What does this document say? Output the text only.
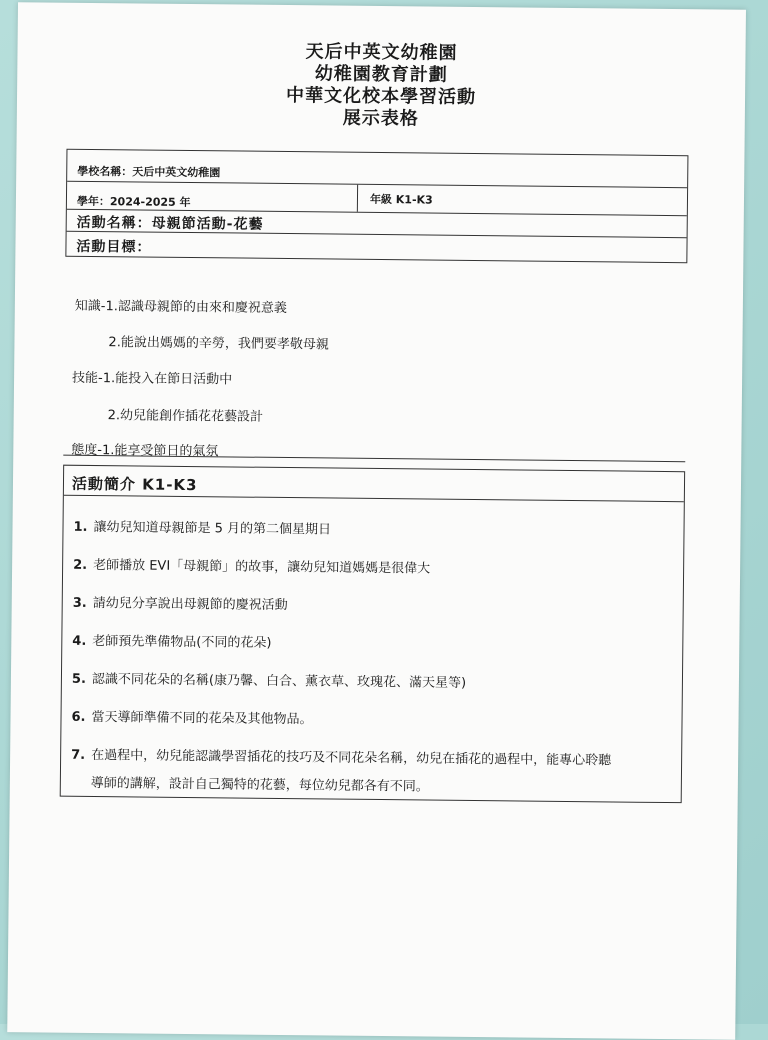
天后中英文幼稚園
幼稚園教育計劃
中華文化校本學習活動
展示表格
學校名稱：天后中英文幼稚園
學年：2024-2025 年	年級 K1-K3
活動名稱：母親節活動-花藝
活動目標：
知識-1.認識母親節的由來和慶祝意義
2.能說出媽媽的辛勞，我們要孝敬母親
技能-1.能投入在節日活動中
2.幼兒能創作插花花藝設計
態度-1.能享受節日的氣氛
活動簡介 K1-K3
1. 讓幼兒知道母親節是 5 月的第二個星期日
2. 老師播放 EVI「母親節」的故事，讓幼兒知道媽媽是很偉大
3. 請幼兒分享說出母親節的慶祝活動
4. 老師預先準備物品(不同的花朵)
5. 認識不同花朵的名稱(康乃馨、白合、薰衣草、玫瑰花、滿天星等)
6. 當天導師準備不同的花朵及其他物品。
7. 在過程中，幼兒能認識學習插花的技巧及不同花朵名稱，幼兒在插花的過程中，能專心聆聽
導師的講解，設計自己獨特的花藝，每位幼兒都各有不同。
